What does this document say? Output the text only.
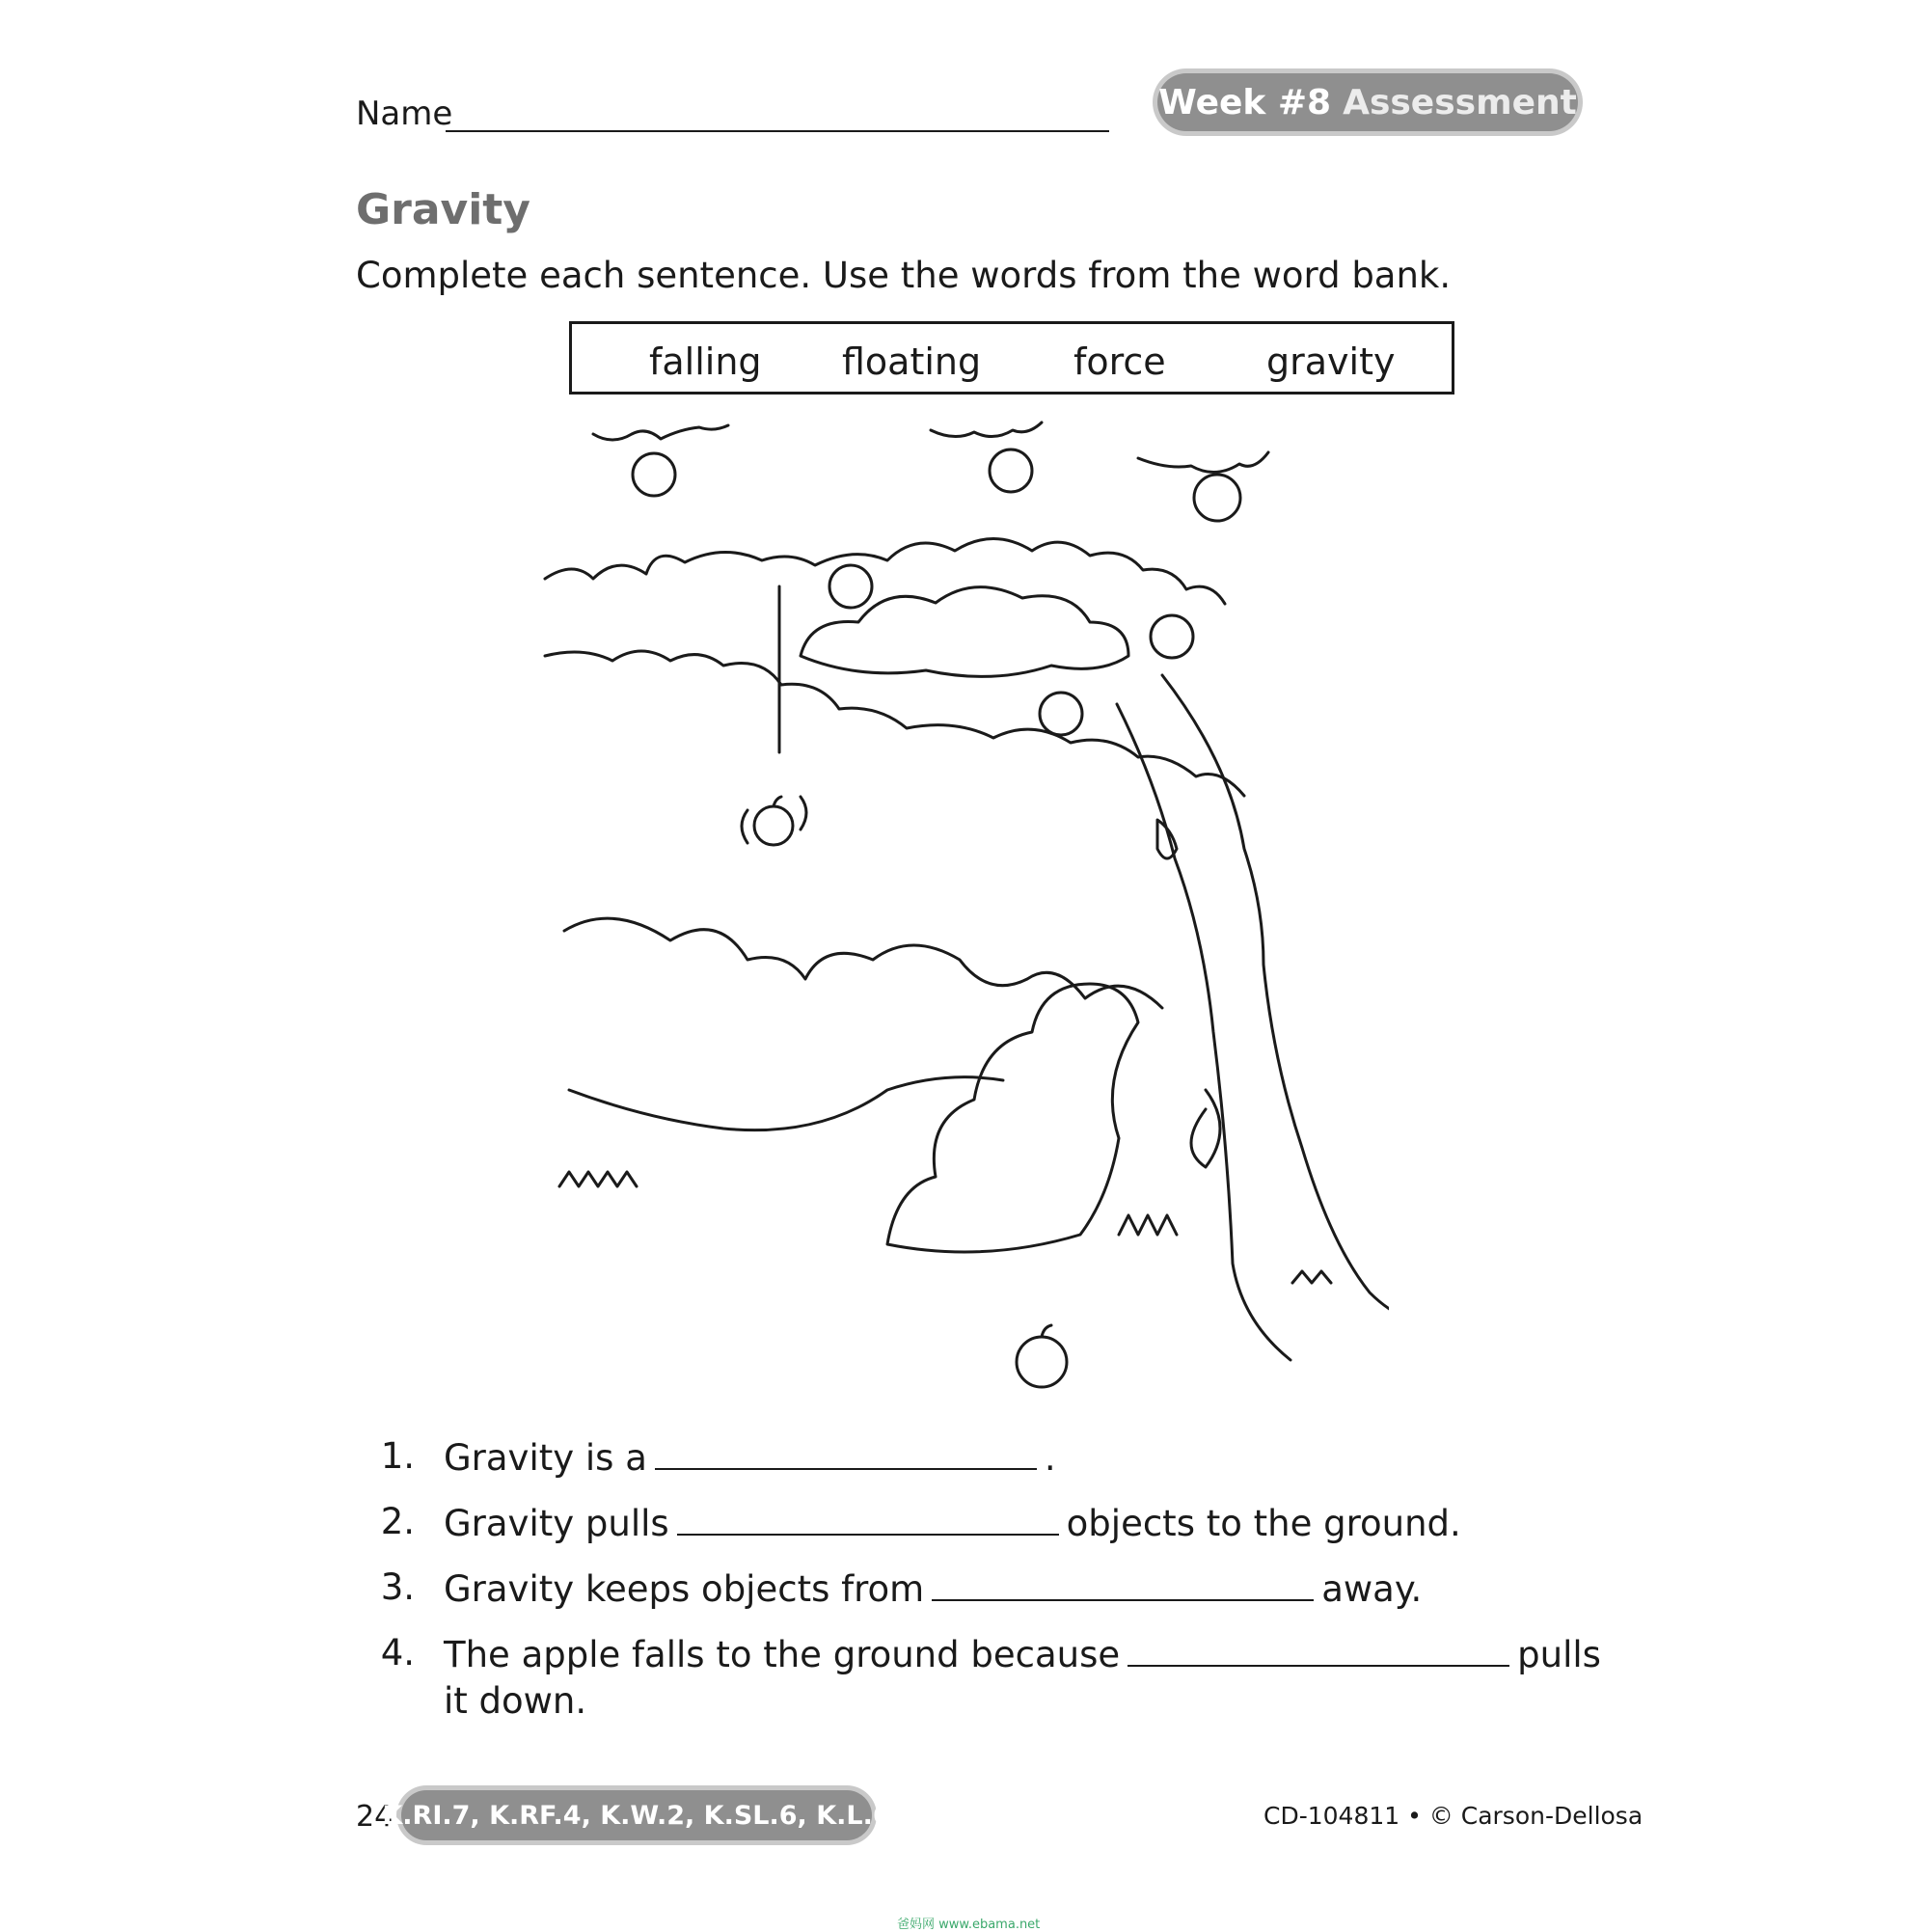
Name	Week #8 Assessment
Gravity
Complete each sentence. Use the words from the word bank.
falling floating	force	gravity
1. Gravity is a	.
2. Gravity pulls	objects to the ground.
3. Gravity keeps objects from	away.
4. The apple falls to the ground because	pulls
it down.
24
K.RI.7, K.RF.4, K.W.2, K.SL.6, K.L.6	CD-104811 • © Carson-Dellosa
爸妈网 www.ebama.net
